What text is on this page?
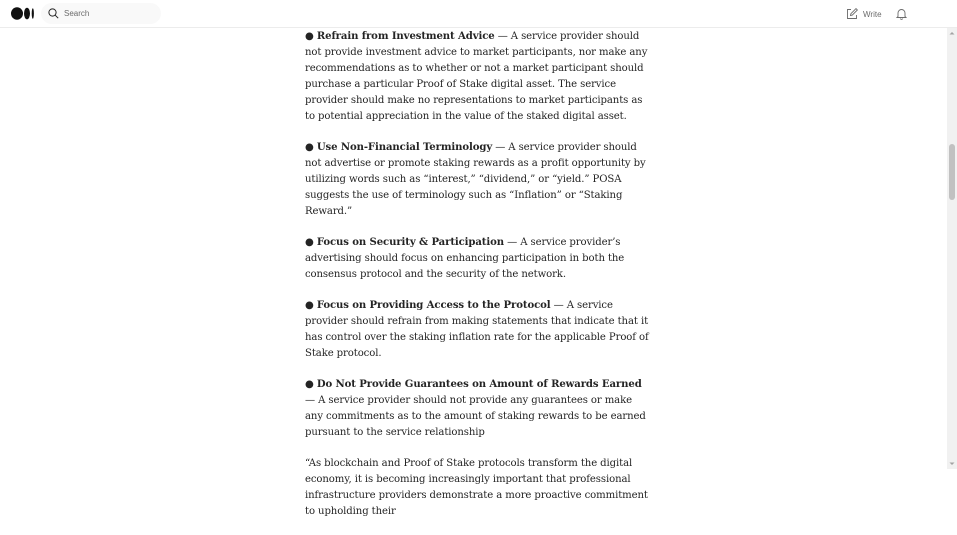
Search
Write

● Refrain from Investment Advice — A service provider should not provide investment advice to market participants, nor make any recommendations as to whether or not a market participant should purchase a particular Proof of Stake digital asset. The service provider should make no representations to market participants as to potential appreciation in the value of the staked digital asset.

● Use Non-Financial Terminology — A service provider should not advertise or promote staking rewards as a profit opportunity by utilizing words such as “interest,” “dividend,” or “yield.” POSA suggests the use of terminology such as “Inflation” or “Staking Reward.”

● Focus on Security & Participation — A service provider’s advertising should focus on enhancing participation in both the consensus protocol and the security of the network.

● Focus on Providing Access to the Protocol — A service provider should refrain from making statements that indicate that it has control over the staking inflation rate for the applicable Proof of Stake protocol.

● Do Not Provide Guarantees on Amount of Rewards Earned — A service provider should not provide any guarantees or make any commitments as to the amount of staking rewards to be earned pursuant to the service relationship

“As blockchain and Proof of Stake protocols transform the digital economy, it is becoming increasingly important that professional infrastructure providers demonstrate a more proactive commitment to upholding their
